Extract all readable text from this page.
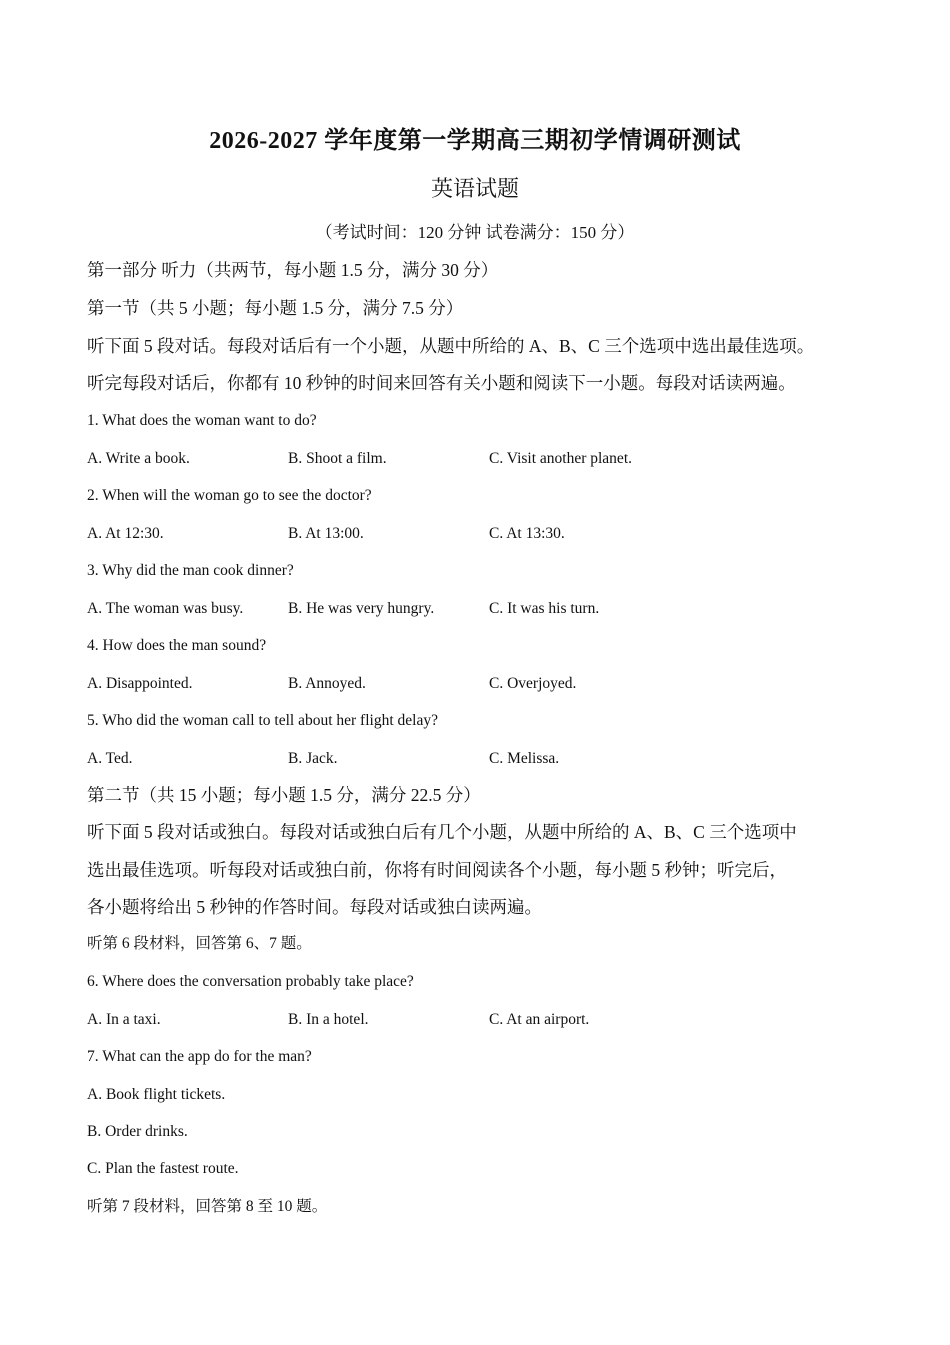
2026-2027 学年度第一学期高三期初学情调研测试
英语试题
（考试时间：120 分钟 试卷满分：150 分）
第一部分 听力（共两节，每小题 1.5 分，满分 30 分）
第一节（共 5 小题；每小题 1.5 分，满分 7.5 分）
听下面 5 段对话。每段对话后有一个小题，从题中所给的 A、B、C 三个选项中选出最佳选项。
听完每段对话后，你都有 10 秒钟的时间来回答有关小题和阅读下一小题。每段对话读两遍。
1. What does the woman want to do?
A. Write a book.	B. Shoot a film.	C. Visit another planet.
2. When will the woman go to see the doctor?
A. At 12:30.	B. At 13:00.	C. At 13:30.
3. Why did the man cook dinner?
A. The woman was busy.	B. He was very hungry.	C. It was his turn.
4. How does the man sound?
A. Disappointed.	B. Annoyed.	C. Overjoyed.
5. Who did the woman call to tell about her flight delay?
A. Ted.	B. Jack.	C. Melissa.
第二节（共 15 小题；每小题 1.5 分，满分 22.5 分）
听下面 5 段对话或独白。每段对话或独白后有几个小题，从题中所给的 A、B、C 三个选项中
选出最佳选项。听每段对话或独白前，你将有时间阅读各个小题，每小题 5 秒钟；听完后，
各小题将给出 5 秒钟的作答时间。每段对话或独白读两遍。
听第 6 段材料，回答第 6、7 题。
6. Where does the conversation probably take place?
A. In a taxi.	B. In a hotel.	C. At an airport.
7. What can the app do for the man?
A. Book flight tickets.
B. Order drinks.
C. Plan the fastest route.
听第 7 段材料，回答第 8 至 10 题。
